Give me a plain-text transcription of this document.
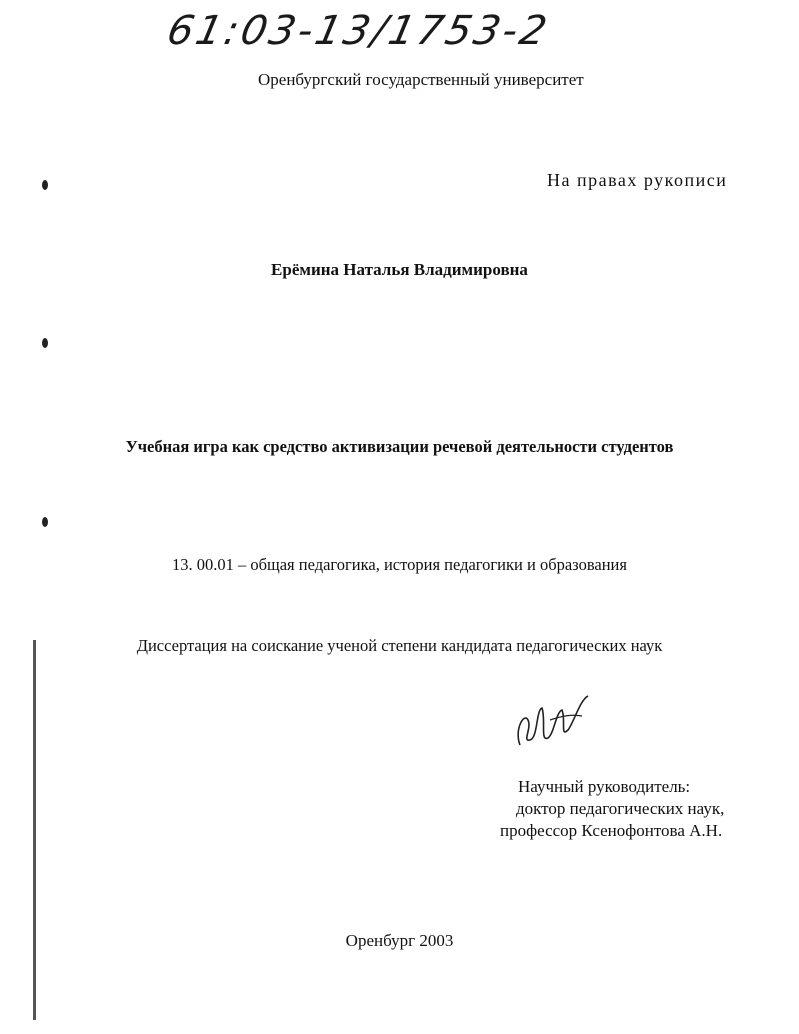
61:03-13/1753-2

Оренбургский государственный университет

На правах рукописи

Ерёмина Наталья Владимировна

Учебная игра как средство активизации речевой деятельности студентов

13. 00.01 – общая педагогика, история педагогики и образования

Диссертация на соискание ученой степени кандидата педагогических наук

Научный руководитель:
доктор педагогических наук,
профессор Ксенофонтова А.Н.

Оренбург 2003
